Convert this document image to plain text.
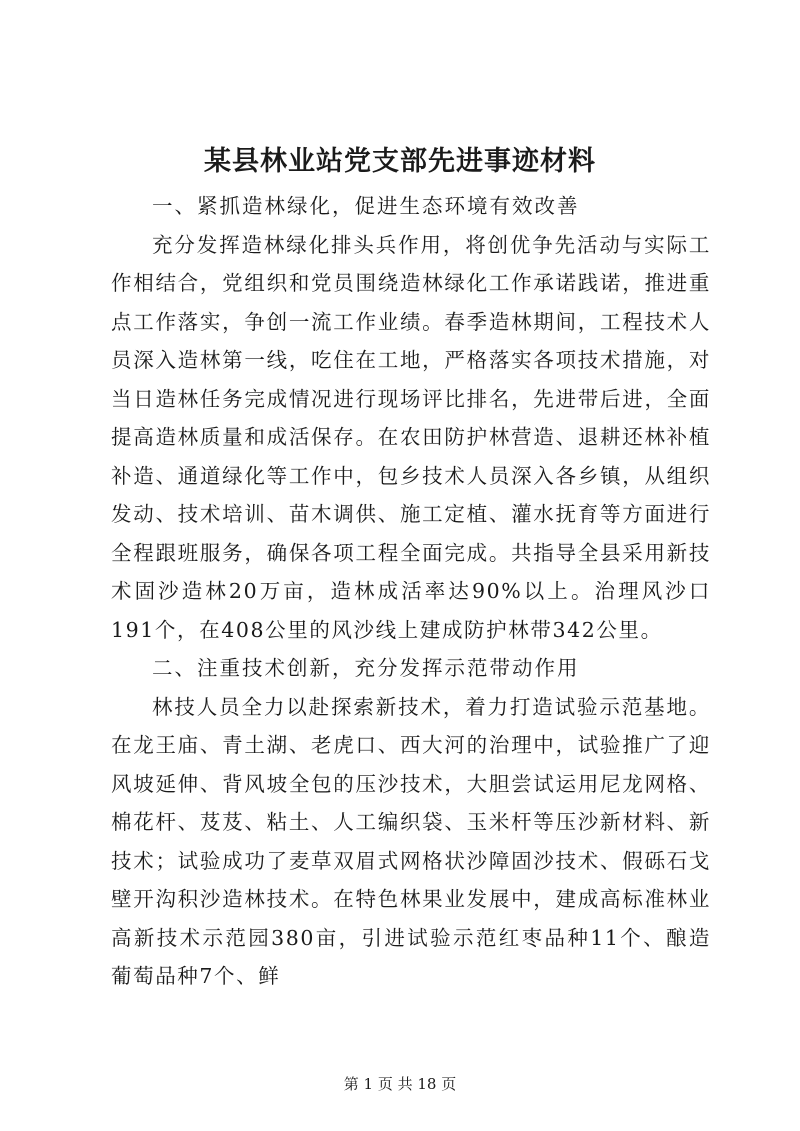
某县林业站党支部先进事迹材料

一、紧抓造林绿化，促进生态环境有效改善

充分发挥造林绿化排头兵作用，将创优争先活动与实际工作相结合，党组织和党员围绕造林绿化工作承诺践诺，推进重点工作落实，争创一流工作业绩。春季造林期间，工程技术人员深入造林第一线，吃住在工地，严格落实各项技术措施，对当日造林任务完成情况进行现场评比排名，先进带后进，全面提高造林质量和成活保存。在农田防护林营造、退耕还林补植补造、通道绿化等工作中，包乡技术人员深入各乡镇，从组织发动、技术培训、苗木调供、施工定植、灌水抚育等方面进行全程跟班服务，确保各项工程全面完成。共指导全县采用新技术固沙造林20万亩，造林成活率达90%以上。治理风沙口191个，在408公里的风沙线上建成防护林带342公里。

二、注重技术创新，充分发挥示范带动作用

林技人员全力以赴探索新技术，着力打造试验示范基地。在龙王庙、青土湖、老虎口、西大河的治理中，试验推广了迎风坡延伸、背风坡全包的压沙技术，大胆尝试运用尼龙网格、棉花杆、芨芨、粘土、人工编织袋、玉米杆等压沙新材料、新技术；试验成功了麦草双眉式网格状沙障固沙技术、假砾石戈壁开沟积沙造林技术。在特色林果业发展中，建成高标准林业高新技术示范园380亩，引进试验示范红枣品种11个、酿造葡萄品种7个、鲜

第 1 页 共 18 页
